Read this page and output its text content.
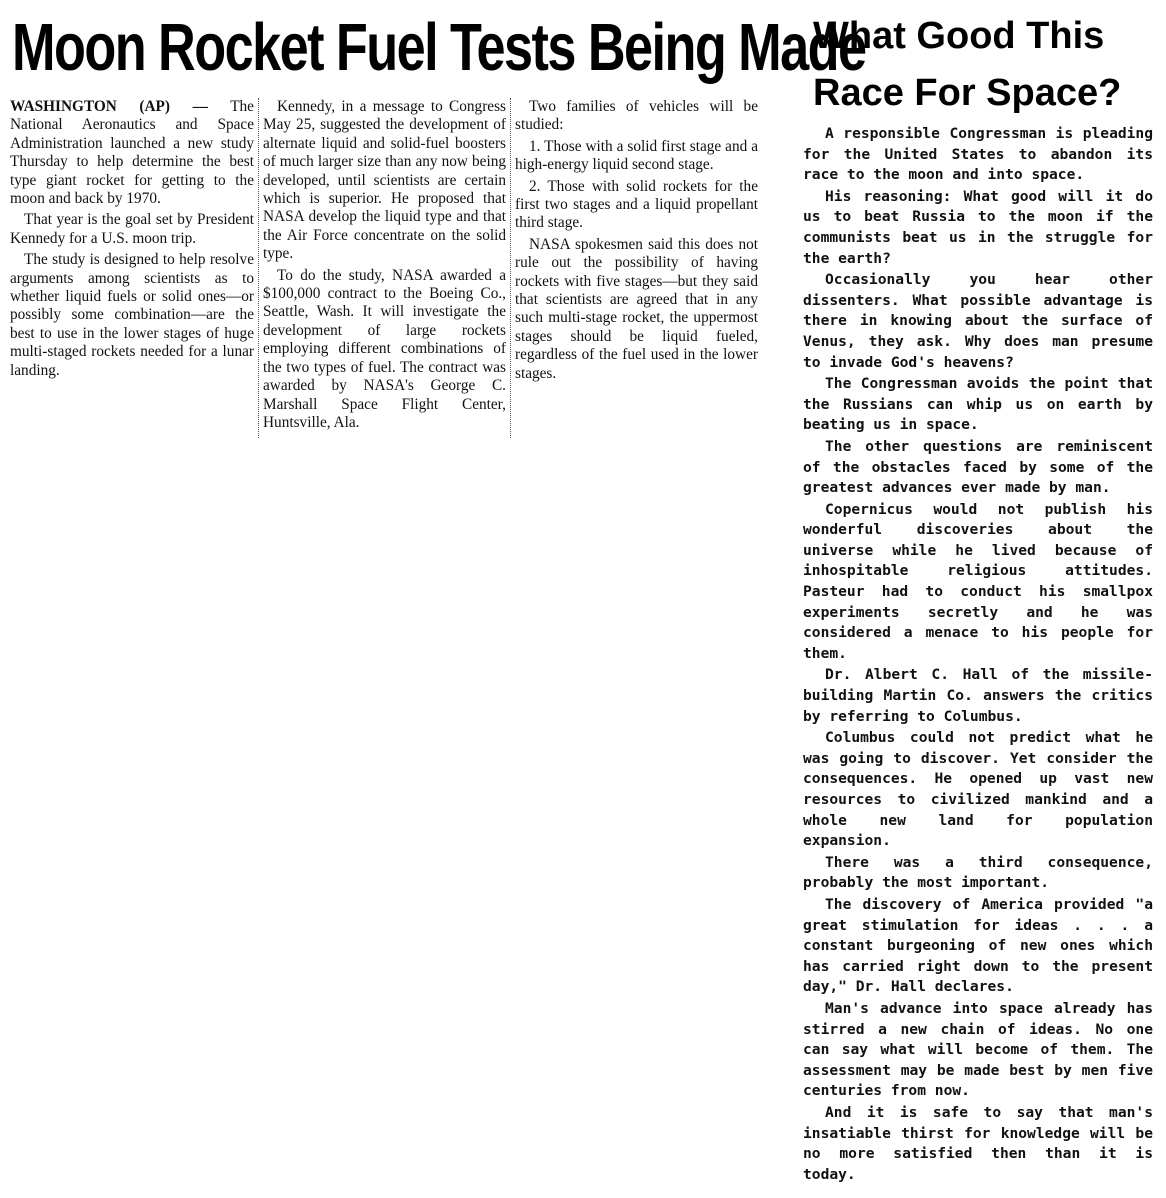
Moon Rocket Fuel Tests Being Made

WASHINGTON (AP) — The National Aeronautics and Space Administration launched a new study Thursday to help determine the best type giant rocket for getting to the moon and back by 1970.

That year is the goal set by President Kennedy for a U.S. moon trip.

The study is designed to help resolve arguments among scientists as to whether liquid fuels or solid ones—or possibly some combination—are the best to use in the lower stages of huge multi-staged rockets needed for a lunar landing.

Kennedy, in a message to Congress May 25, suggested the development of alternate liquid and solid-fuel boosters of much larger size than any now being developed, until scientists are certain which is superior. He proposed that NASA develop the liquid type and that the Air Force concentrate on the solid type.

To do the study, NASA awarded a $100,000 contract to the Boeing Co., Seattle, Wash. It will investigate the development of large rockets employing different combinations of the two types of fuel. The contract was awarded by NASA's George C. Marshall Space Flight Center, Huntsville, Ala.

Two families of vehicles will be studied:

1. Those with a solid first stage and a high-energy liquid second stage.

2. Those with solid rockets for the first two stages and a liquid propellant third stage.

NASA spokesmen said this does not rule out the possibility of having rockets with five stages—but they said that scientists are agreed that in any such multi-stage rocket, the uppermost stages should be liquid fueled, regardless of the fuel used in the lower stages.

What Good This Race For Space?

A responsible Congressman is pleading for the United States to abandon its race to the moon and into space.

His reasoning: What good will it do us to beat Russia to the moon if the communists beat us in the struggle for the earth?

Occasionally you hear other dissenters. What possible advantage is there in knowing about the surface of Venus, they ask. Why does man presume to invade God's heavens?

The Congressman avoids the point that the Russians can whip us on earth by beating us in space.

The other questions are reminiscent of the obstacles faced by some of the greatest advances ever made by man.

Copernicus would not publish his wonderful discoveries about the universe while he lived because of inhospitable religious attitudes. Pasteur had to conduct his smallpox experiments secretly and he was considered a menace to his people for them.

Dr. Albert C. Hall of the missile-building Martin Co. answers the critics by referring to Columbus.

Columbus could not predict what he was going to discover. Yet consider the consequences. He opened up vast new resources to civilized mankind and a whole new land for population expansion.

There was a third consequence, probably the most important.

The discovery of America provided "a great stimulation for ideas . . . a constant burgeoning of new ones which has carried right down to the present day," Dr. Hall declares.

Man's advance into space already has stirred a new chain of ideas. No one can say what will become of them. The assessment may be made best by men five centuries from now.

And it is safe to say that man's insatiable thirst for knowledge will be no more satisfied then than it is today.
